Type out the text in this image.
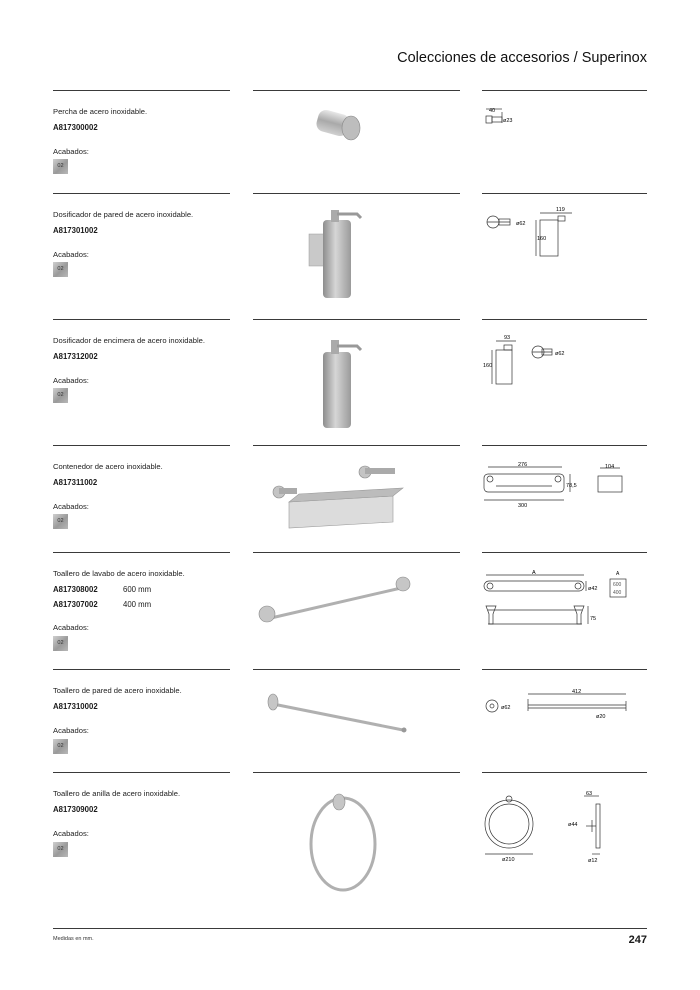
Colecciones de accesorios / Superinox
Percha de acero inoxidable.
A817300002
Acabados:
02
40
ø23
Dosificador de pared de acero inoxidable.
A817301002
Acabados:
02
ø62
119
160
Dosificador de encimera de acero inoxidable.
A817312002
Acabados:
02
93
160
ø62
Contenedor de acero inoxidable.
A817311002
Acabados:
02
276
300
78,5
104
Toallero de lavabo de acero inoxidable.
A817308002	600 mm
A817307002	400 mm
Acabados:
02
A
ø42
75
A
600
400
Toallero de pared de acero inoxidable.
A817310002
Acabados:
02
ø62
412
ø20
Toallero de anilla de acero inoxidable.
A817309002
Acabados:
02
ø210
63
ø44
ø12
Medidas en mm.	247
